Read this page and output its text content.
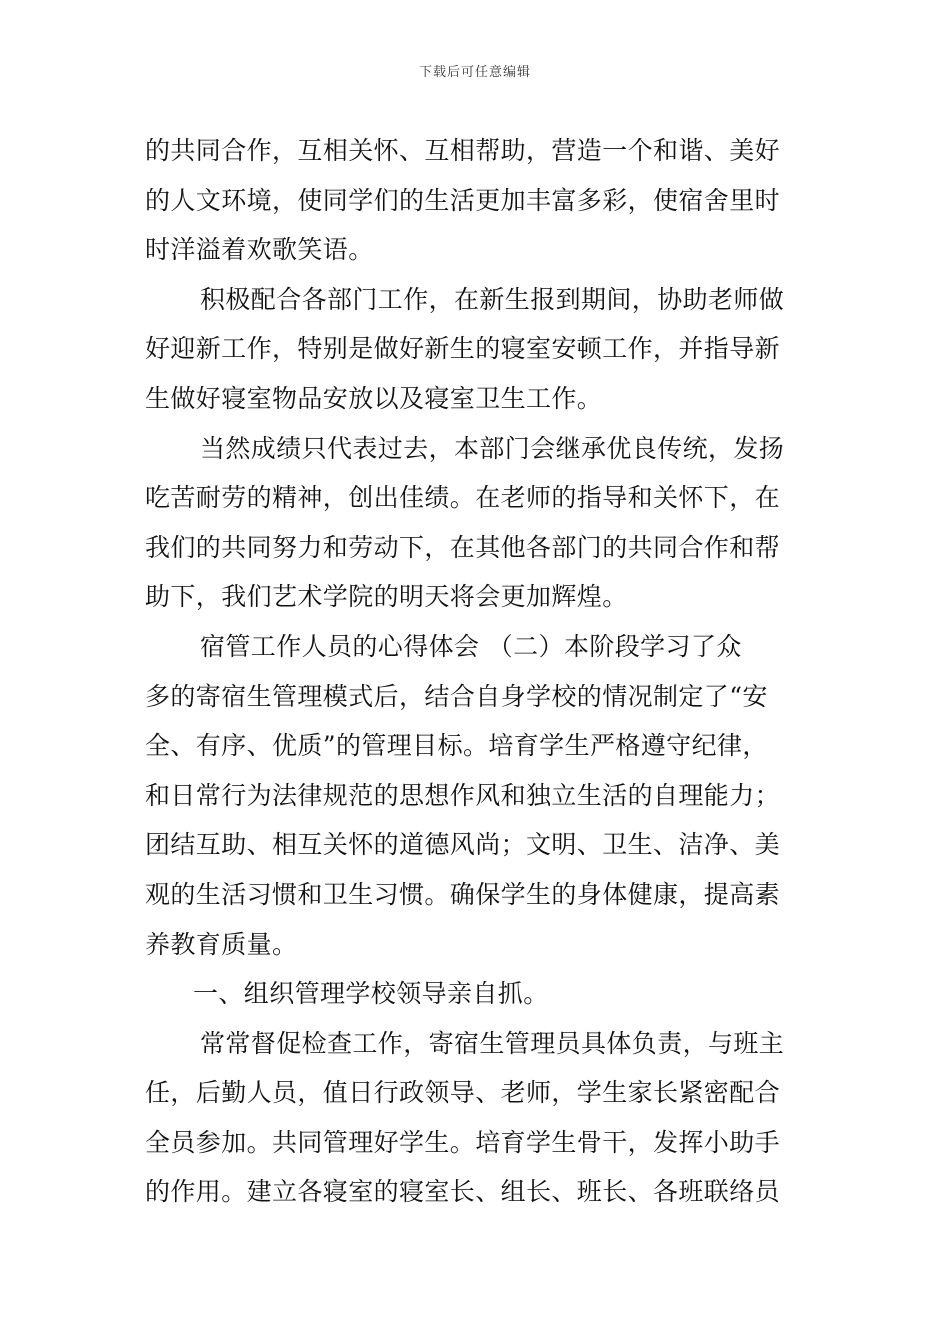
下载后可任意编辑
的共同合作，互相关怀、互相帮助，营造一个和谐、美好
的人文环境，使同学们的生活更加丰富多彩，使宿舍里时
时洋溢着欢歌笑语。
积极配合各部门工作，在新生报到期间，协助老师做
好迎新工作，特别是做好新生的寝室安顿工作，并指导新
生做好寝室物品安放以及寝室卫生工作。
当然成绩只代表过去，本部门会继承优良传统，发扬
吃苦耐劳的精神，创出佳绩。在老师的指导和关怀下，在
我们的共同努力和劳动下，在其他各部门的共同合作和帮
助下，我们艺术学院的明天将会更加辉煌。
宿管工作人员的心得体会 （二）本阶段学习了众
多的寄宿生管理模式后，结合自身学校的情况制定了“安
全、有序、优质”的管理目标。培育学生严格遵守纪律，
和日常行为法律规范的思想作风和独立生活的自理能力；
团结互助、相互关怀的道德风尚；文明、卫生、洁净、美
观的生活习惯和卫生习惯。确保学生的身体健康，提高素
养教育质量。
一、组织管理学校领导亲自抓。
常常督促检查工作，寄宿生管理员具体负责，与班主
任，后勤人员，值日行政领导、老师，学生家长紧密配合
全员参加。共同管理好学生。培育学生骨干，发挥小助手
的作用。建立各寝室的寝室长、组长、班长、各班联络员
